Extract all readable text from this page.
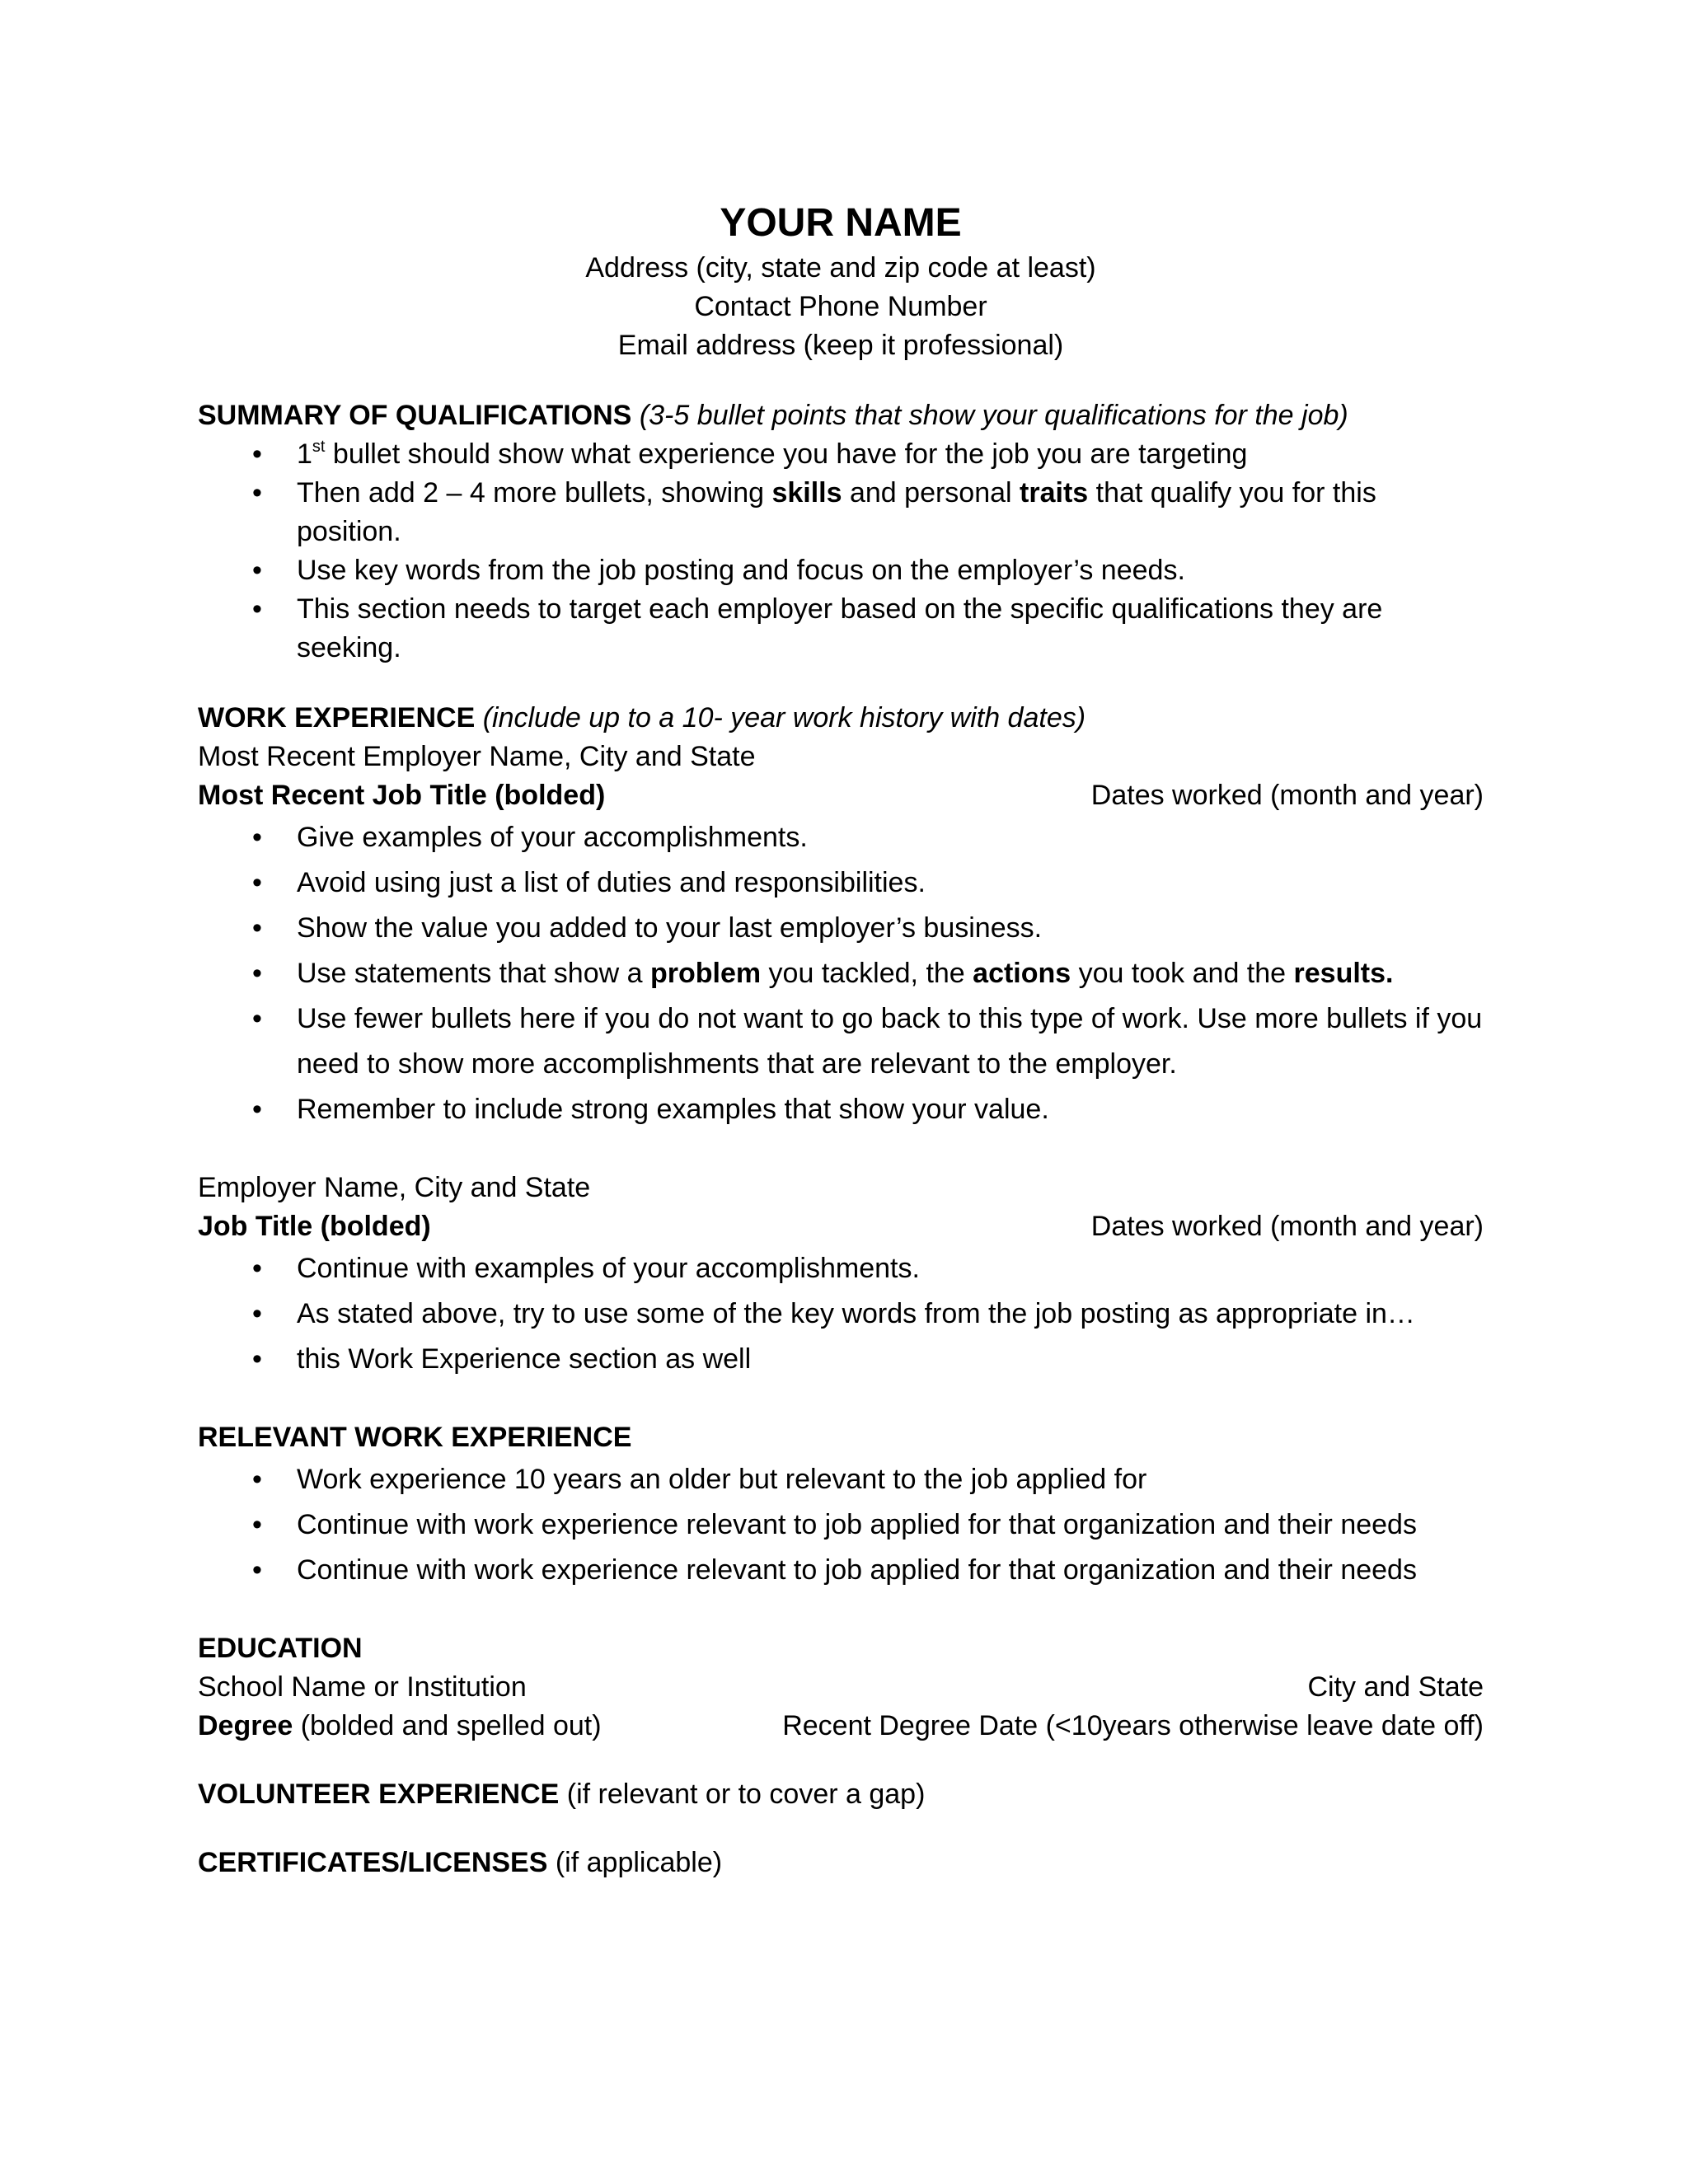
YOUR NAME
Address (city, state and zip code at least)
Contact Phone Number
Email address (keep it professional)
SUMMARY OF QUALIFICATIONS (3-5 bullet points that show your qualifications for the job)
• 1st bullet should show what experience you have for the job you are targeting
• Then add 2 – 4 more bullets, showing skills and personal traits that qualify you for this position.
• Use key words from the job posting and focus on the employer’s needs.
• This section needs to target each employer based on the specific qualifications they are seeking.
WORK EXPERIENCE (include up to a 10- year work history with dates)
Most Recent Employer Name, City and State
Most Recent Job Title (bolded)	Dates worked (month and year)
• Give examples of your accomplishments.
• Avoid using just a list of duties and responsibilities.
• Show the value you added to your last employer’s business.
• Use statements that show a problem you tackled, the actions you took and the results.
• Use fewer bullets here if you do not want to go back to this type of work. Use more bullets if you need to show more accomplishments that are relevant to the employer.
• Remember to include strong examples that show your value.
Employer Name, City and State
Job Title (bolded)	Dates worked (month and year)
• Continue with examples of your accomplishments.
• As stated above, try to use some of the key words from the job posting as appropriate in…
• this Work Experience section as well
RELEVANT WORK EXPERIENCE
• Work experience 10 years an older but relevant to the job applied for
• Continue with work experience relevant to job applied for that organization and their needs
• Continue with work experience relevant to job applied for that organization and their needs
EDUCATION
School Name or Institution	City and State
Degree (bolded and spelled out)	Recent Degree Date (<10years otherwise leave date off)
VOLUNTEER EXPERIENCE (if relevant or to cover a gap)
CERTIFICATES/LICENSES (if applicable)
